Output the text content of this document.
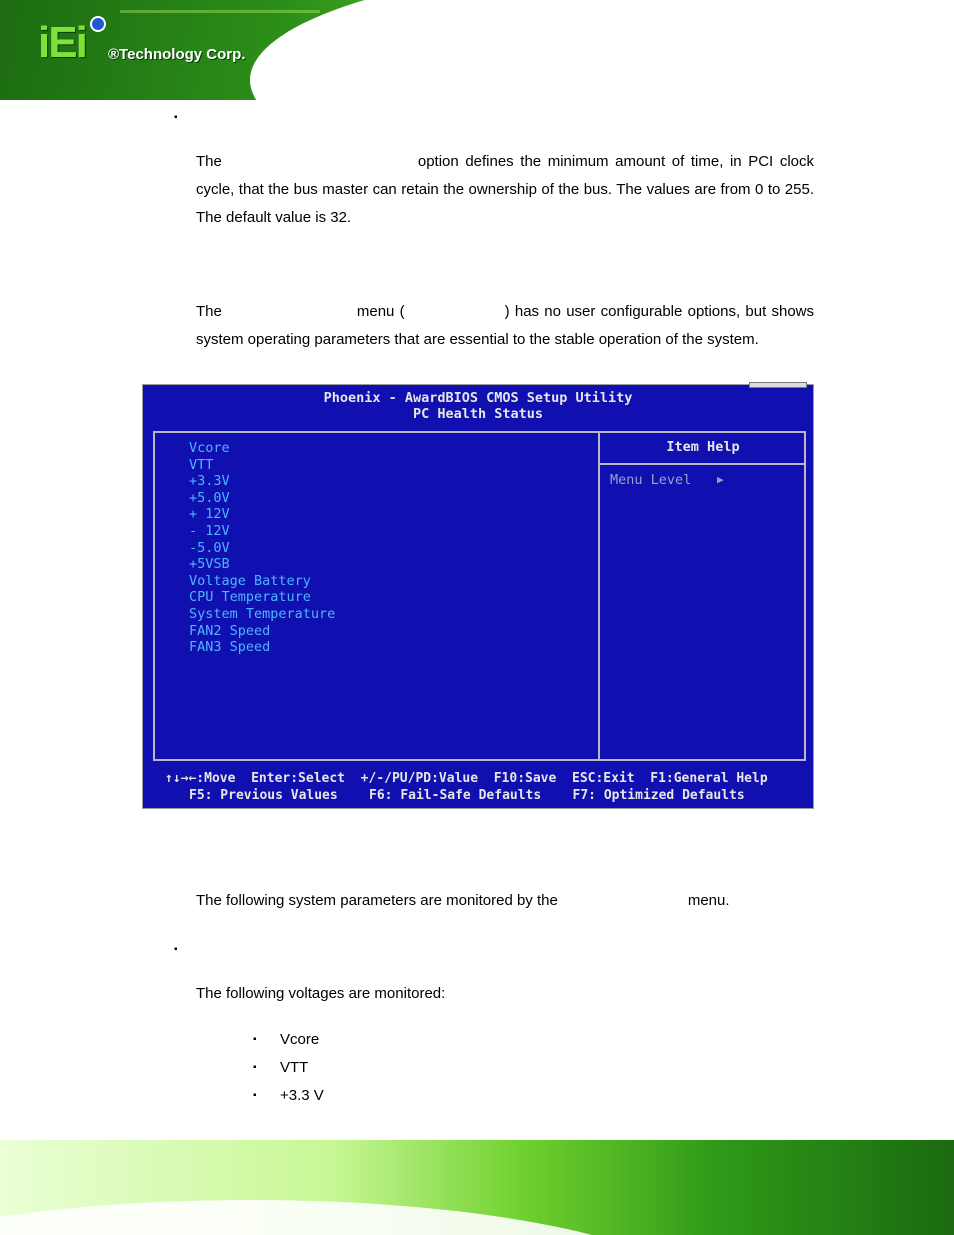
iEi ®Technology Corp.
▪
The	option defines the minimum amount of time, in PCI clock cycle, that the bus master can retain the ownership of the bus. The values are from 0 to 255. The default value is 32.
The	menu (	) has no user configurable options, but shows system operating parameters that are essential to the stable operation of the system.
Phoenix - AwardBIOS CMOS Setup Utility
PC Health Status
Vcore
VTT
+3.3V
+5.0V
+ 12V
- 12V
-5.0V
+5VSB
Voltage Battery
CPU Temperature
System Temperature
FAN2 Speed
FAN3 Speed
Item Help
Menu Level ▶
↑↓→←:Move  Enter:Select  +/-/PU/PD:Value  F10:Save  ESC:Exit  F1:General Help
F5: Previous Values    F6: Fail-Safe Defaults    F7: Optimized Defaults
The following system parameters are monitored by the	menu.
▪
The following voltages are monitored:
▪ Vcore
▪ VTT
▪ +3.3 V
